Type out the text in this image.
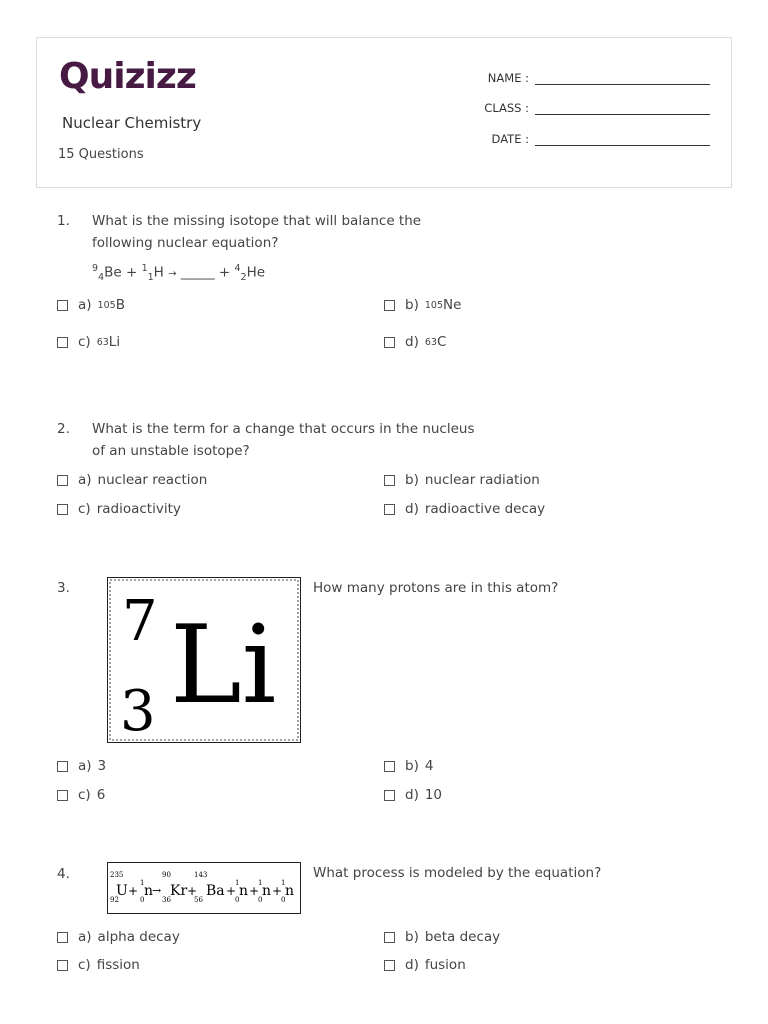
Quizizz
Nuclear Chemistry
15 Questions
NAME :
CLASS :
DATE :
1. What is the missing isotope that will balance the following nuclear equation?
$^9_4$Be + $^1_1$H → _____ + $^4_2$He
a) 10 5 B	b) 10 5 Ne
c) 6 3 Li	d) 6 3 C
2. What is the term for a change that occurs in the nucleus of an unstable isotope?
a) nuclear reaction	b) nuclear radiation
c) radioactivity	d) radioactive decay
3.
7
3 Li
How many protons are in this atom?
a) 3	b) 4
c) 6	d) 10
4.	235
92
U +
1
0
n
→
90
36
Kr +
143
56
Ba +
1
0
n +
1
0
n +
1
0
n
What process is modeled by the equation?
a) alpha decay	b) beta decay
c) fission	d) fusion
